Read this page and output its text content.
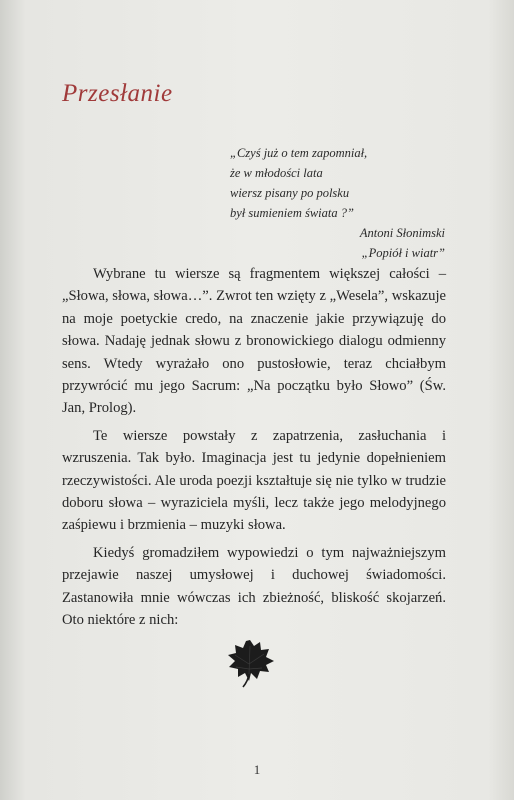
Przesłanie
„Czyś już o tem zapomniał,
że w młodości lata
wiersz pisany po polsku
był sumieniem świata ?”
Antoni Słonimski
„Popiół i wiatr”

Wybrane tu wiersze są fragmentem większej całości – „Słowa, słowa, słowa…”. Zwrot ten wzięty z „Wesela”, wskazuje na moje poetyckie credo, na znaczenie jakie przywiązuję do słowa. Nadaję jednak słowu z bronowickiego dialogu odmienny sens. Wtedy wyrażało ono pustosłowie, teraz chciałbym przywrócić mu jego Sacrum: „Na początku było Słowo” (Św. Jan, Prolog).

Te wiersze powstały z zapatrzenia, zasłuchania i wzruszenia. Tak było. Imaginacja jest tu jedynie dopełnieniem rzeczywistości. Ale uroda poezji kształtuje się nie tylko w trudzie doboru słowa – wyraziciela myśli, lecz także jego melodyjnego zaśpiewu i brzmienia – muzyki słowa.

Kiedyś gromadziłem wypowiedzi o tym najważniejszym przejawie naszej umysłowej i duchowej świadomości. Zastanowiła mnie wówczas ich zbieżność, bliskość skojarzeń. Oto niektóre z nich:

1
